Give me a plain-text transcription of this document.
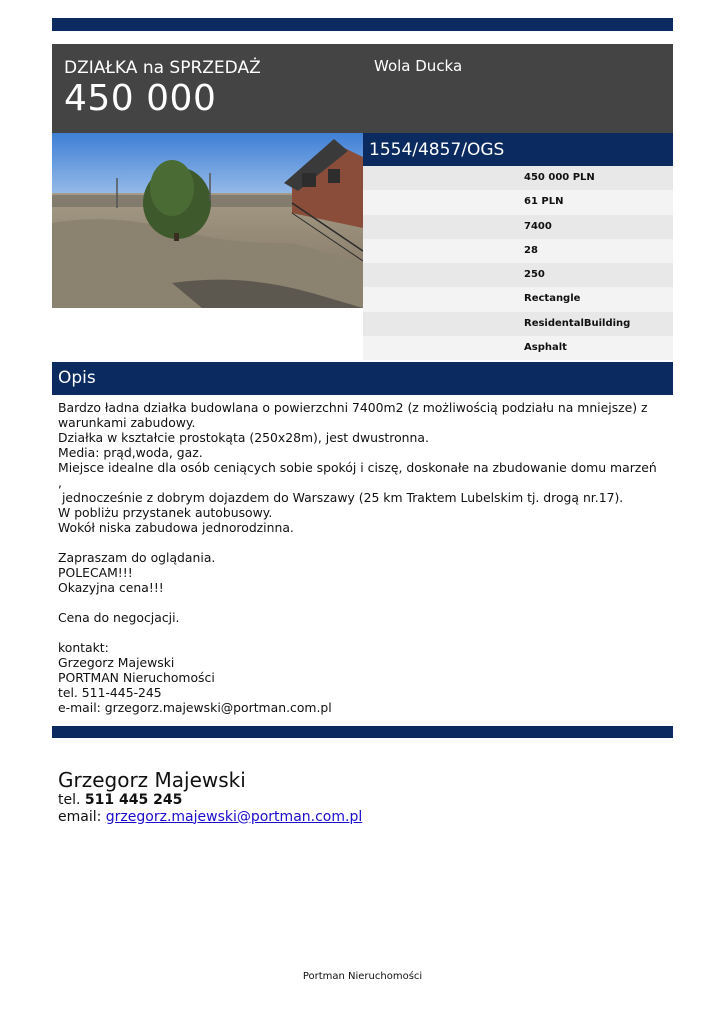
DZIAŁKA na SPRZEDAŻ
450 000
Wola Ducka
1554/4857/OGS
450 000 PLN
61 PLN
7400
28
250
Rectangle
ResidentalBuilding
Asphalt
Opis
Bardzo ładna działka budowlana o powierzchni 7400m2 (z możliwością podziału na mniejsze) z
warunkami zabudowy.
Działka w kształcie prostokąta (250x28m), jest dwustronna.
Media: prąd,woda, gaz.
Miejsce idealne dla osób ceniących sobie spokój i ciszę, doskonałe na zbudowanie domu marzeń ,
jednocześnie z dobrym dojazdem do Warszawy (25 km Traktem Lubelskim tj. drogą nr.17).
W pobliżu przystanek autobusowy.
Wokół niska zabudowa jednorodzinna.
Zapraszam do oglądania.
POLECAM!!!
Okazyjna cena!!!
Cena do negocjacji.
kontakt:
Grzegorz Majewski
PORTMAN Nieruchomości
tel. 511-445-245
e-mail: grzegorz.majewski@portman.com.pl
Grzegorz Majewski
tel. 511 445 245
email: grzegorz.majewski@portman.com.pl
Portman Nieruchomości
